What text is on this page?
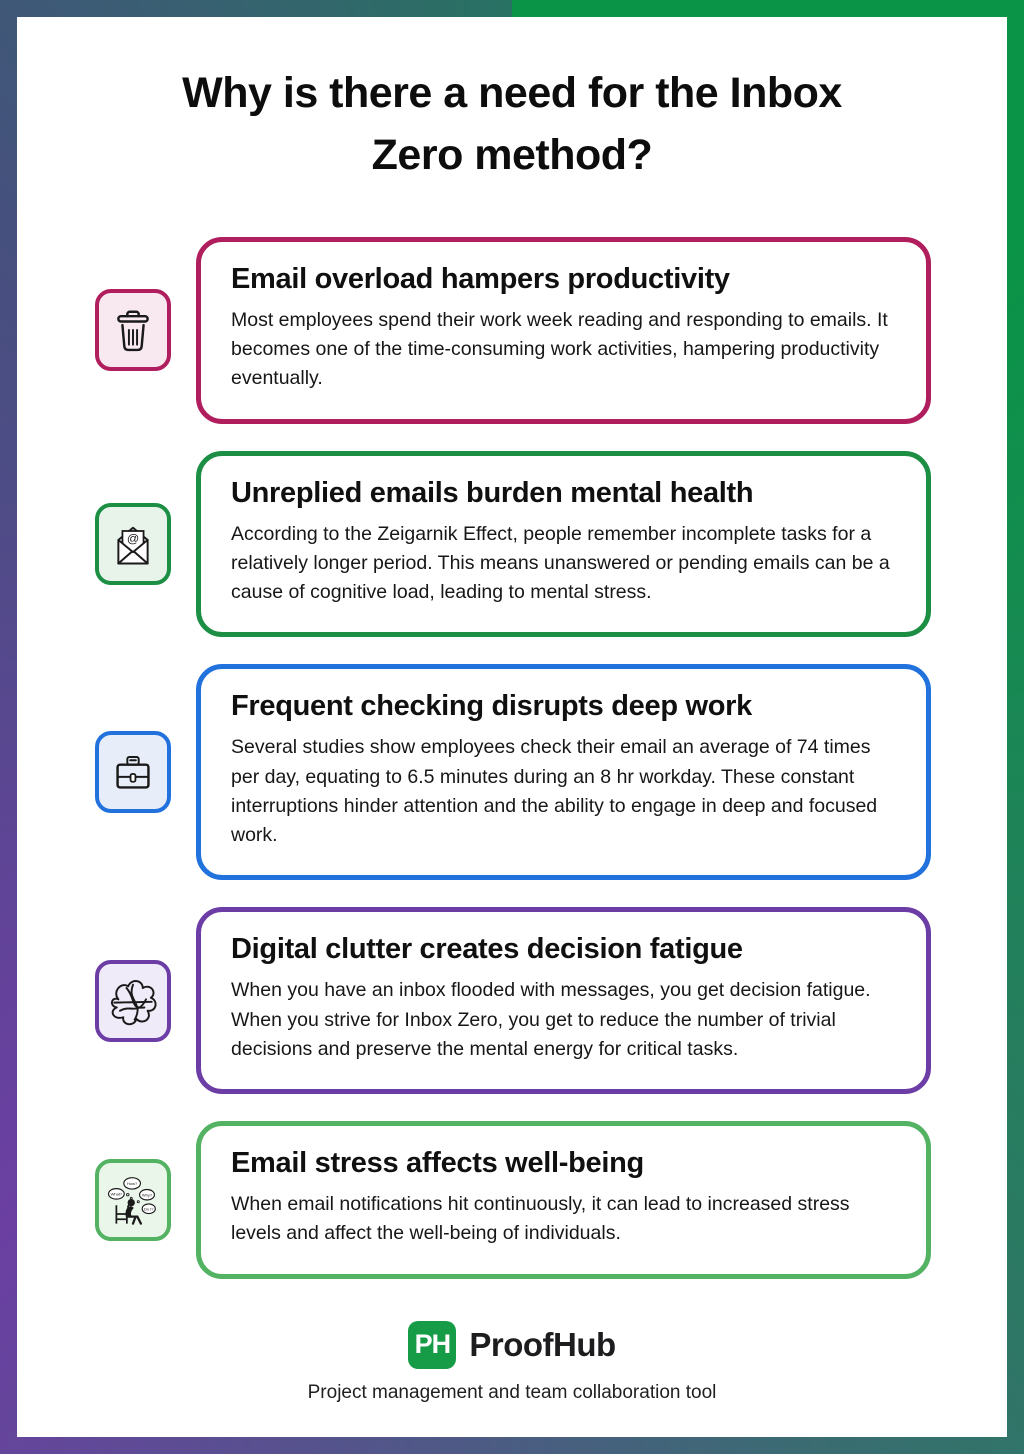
Why is there a need for the Inbox
Zero method?
Email overload hampers productivity

Most employees spend their work week reading and responding to emails. It becomes one of the time-consuming work activities, hampering productivity eventually.

@
Unreplied emails burden mental health

According to the Zeigarnik Effect, people remember incomplete tasks for a relatively longer period. This means unanswered or pending emails can be a cause of cognitive load, leading to mental stress.

Frequent checking disrupts deep work

Several studies show employees check their email an average of 74 times per day, equating to 6.5 minutes during an 8 hr workday. These constant interruptions hinder attention and the ability to engage in deep and focused work.

Digital clutter creates decision fatigue

When you have an inbox flooded with messages, you get decision fatigue. When you strive for Inbox Zero, you get to reduce the number of trivial decisions and preserve the mental energy for critical tasks.

What?
How?
Why?
Do I?
Email stress affects well-being

When email notifications hit continuously, it can lead to increased stress levels and affect the well-being of individuals.

PH ProofHub
Project management and team collaboration tool
